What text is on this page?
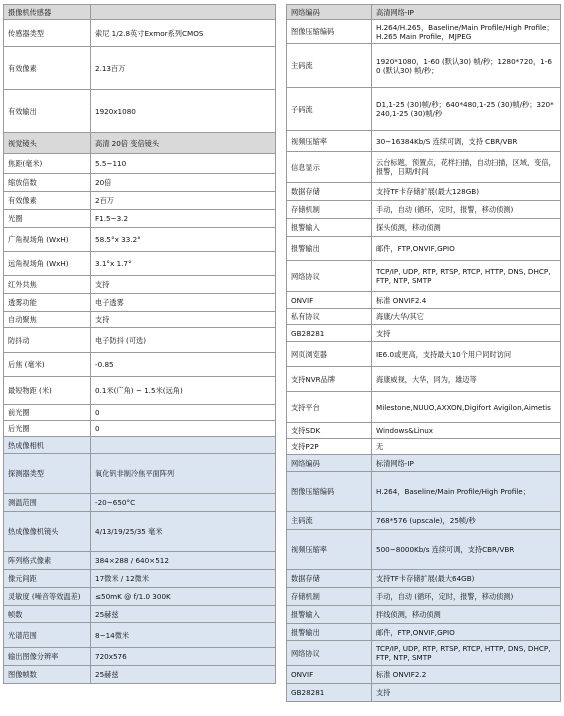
摄像机传感器	
传感器类型	索尼 1/2.8英寸Exmor系列CMOS
有效像素	2.13百万
有效输出	1920x1080
视觉镜头	高清 20倍 变倍镜头
焦距(毫米)	5.5~110
缩放倍数	20倍
有效像素	2百万
光圈	F1.5~3.2
广角视场角 (WxH)	58.5°x 33.2°
远角视场角 (WxH)	3.1°x 1.7°
红外共焦	支持
透雾功能	电子透雾
自动聚焦	支持
防抖动	电子防抖 (可选)
后焦 (毫米)	-0.85
最短物距 (米)	0.1米(广角) ~ 1.5米(远角)
前光圈	0
后光圈	0
热成像相机	
探测器类型	氧化钒非制冷焦平面阵列
测温范围	-20~650°C
热成像像机镜头	4/13/19/25/35 毫米
阵列格式像素	384×288 / 640×512
像元间距	17微米 / 12微米
灵敏度 (噪音等效温差)	≤50mK @ f/1.0 300K
帧数	25赫兹
光谱范围	8~14微米
输出图像分辨率	720x576
图像帧数	25赫兹
网络编码	高清网络-IP
图像压缩编码	H.264/H.265，Baseline/Main Profile/High Profile；H.265 Main Profile，MJPEG
主码流	1920*1080，1-60 (默认30) 帧/秒；1280*720，1-60 (默认30) 帧/秒；
子码流	D1,1-25 (30)帧/秒；640*480,1-25 (30)帧/秒；320*240,1-25 (30)帧/秒
视频压缩率	30~16384Kb/S 连续可调，支持 CBR/VBR
信息显示	云台标题，预置点，花样扫描，自动扫描，区域，变倍，报警，日期/时间
数据存储	支持TF卡存储扩展(最大128GB)
存储机制	手动，自动 (循环，定时，报警，移动侦测)
报警输入	探头侦测，移动侦测
报警输出	邮件，FTP,ONVIF,GPIO
网络协议	TCP/IP, UDP, RTP, RTSP, RTCP, HTTP, DNS, DHCP, FTP, NTP, SMTP
ONVIF	标准 ONVIF2.4
私有协议	海康/大华/其它
GB28281	支持
网页浏览器	IE6.0或更高，支持最大10个用户同时访问
支持NVR品牌	海康威视，大华，同为，雄迈等
支持平台	Milestone,NUUO,AXXON,Digifort Avigilon,Aimetis
支持SDK	Windows&Linux
支持P2P	无
网络编码	标清网络-IP
图像压缩编码	H.264，Baseline/Main Profile/High Profile；
主码流	768*576 (upscale)，25帧/秒
视频压缩率	500~8000Kb/s 连续可调，支持CBR/VBR
数据存储	支持TF卡存储扩展(最大64GB)
存储机制	手动，自动 (循环，定时，报警，移动侦测)
报警输入	拌线侦测，移动侦测
报警输出	邮件，FTP,ONVIF,GPIO
网络协议	TCP/IP, UDP, RTP, RTSP, RTCP, HTTP, DNS, DHCP, FTP, NTP, SMTP
ONVIF	标准 ONVIF2.2
GB28281	支持
